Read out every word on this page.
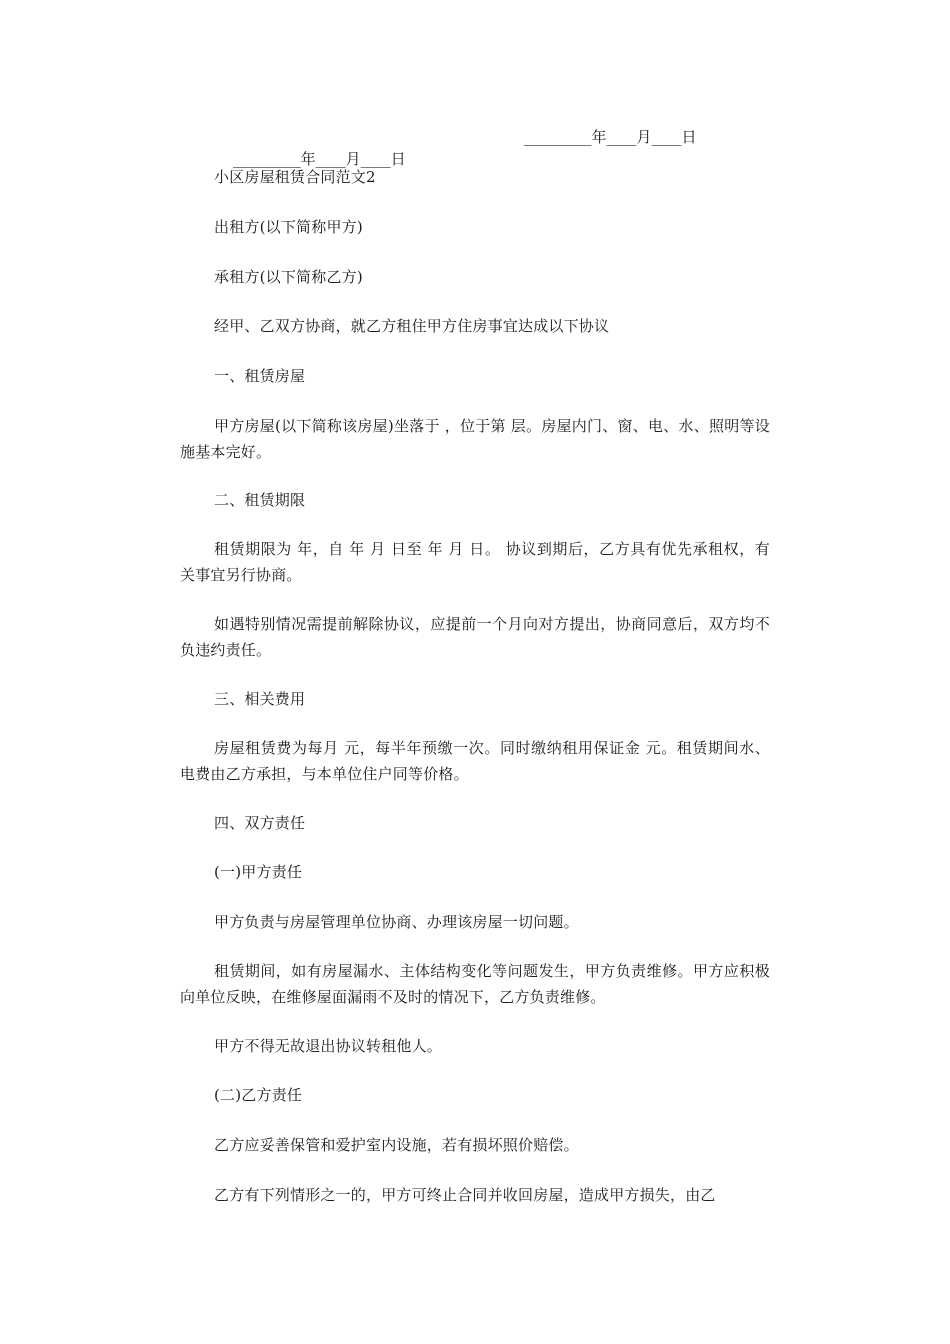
_________年____月____日

_________年____月____日

小区房屋租赁合同范文2

出租方(以下简称甲方)

承租方(以下简称乙方)

经甲、乙双方协商，就乙方租住甲方住房事宜达成以下协议

一、租赁房屋

甲方房屋(以下简称该房屋)坐落于 ，位于第 层。房屋内门、窗、电、水、照明等设施基本完好。

二、租赁期限

租赁期限为 年，自 年 月 日至 年 月 日。 协议到期后，乙方具有优先承租权，有关事宜另行协商。

如遇特别情况需提前解除协议，应提前一个月向对方提出，协商同意后，双方均不负违约责任。

三、相关费用

房屋租赁费为每月 元，每半年预缴一次。同时缴纳租用保证金 元。租赁期间水、电费由乙方承担，与本单位住户同等价格。

四、双方责任

(一)甲方责任

甲方负责与房屋管理单位协商、办理该房屋一切问题。

租赁期间，如有房屋漏水、主体结构变化等问题发生，甲方负责维修。甲方应积极向单位反映，在维修屋面漏雨不及时的情况下，乙方负责维修。

甲方不得无故退出协议转租他人。

(二)乙方责任

乙方应妥善保管和爱护室内设施，若有损坏照价赔偿。

乙方有下列情形之一的，甲方可终止合同并收回房屋，造成甲方损失，由乙
